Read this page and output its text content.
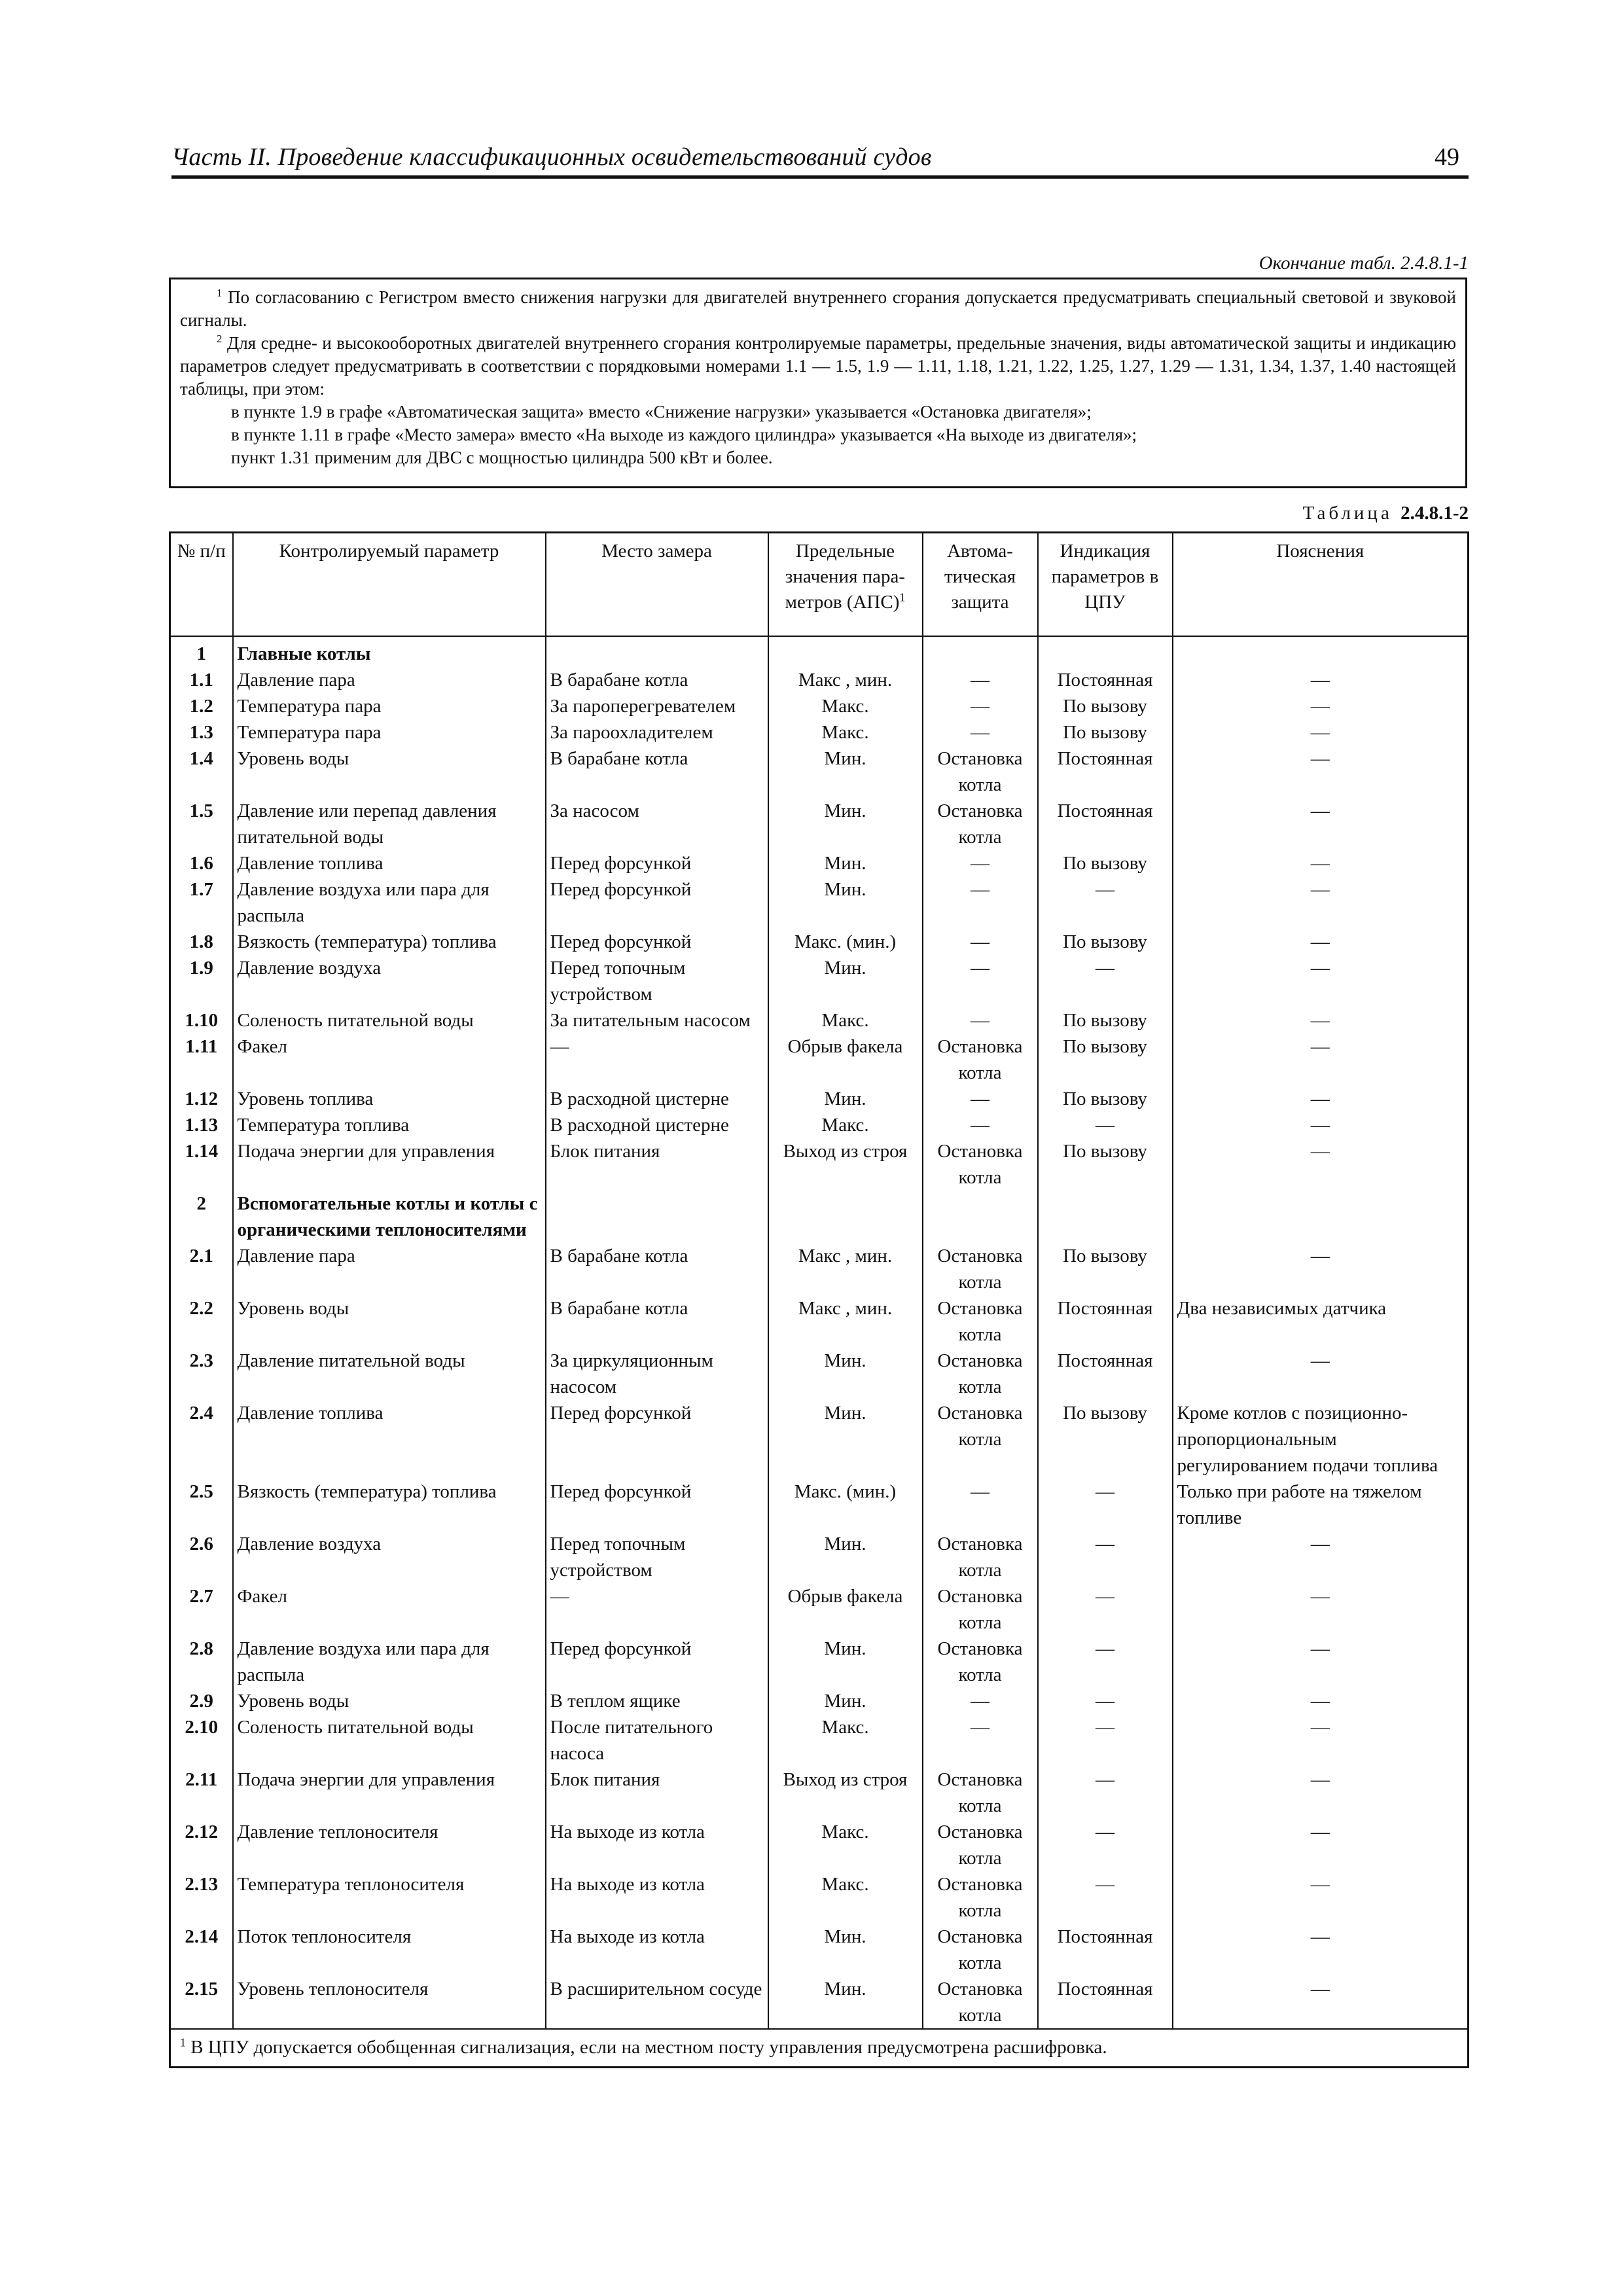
Часть II. Проведение классификационных освидетельствований судов	49
Окончание табл. 2.4.8.1-1

$^1$ По согласованию с Регистром вместо снижения нагрузки для двигателей внутреннего сгорания допускается предусматривать специальный световой и звуковой сигналы.

$^2$ Для средне- и высокооборотных двигателей внутреннего сгорания контролируемые параметры, предельные значения, виды автоматической защиты и индикацию параметров следует предусматривать в соответствии с порядковыми номерами 1.1 — 1.5, 1.9 — 1.11, 1.18, 1.21, 1.22, 1.25, 1.27, 1.29 — 1.31, 1.34, 1.37, 1.40 настоящей таблицы, при этом:

в пункте 1.9 в графе «Автоматическая защита» вместо «Снижение нагрузки» указывается «Остановка двигателя»;

в пункте 1.11 в графе «Место замера» вместо «На выходе из каждого цилиндра» указывается «На выходе из двигателя»;

пункт 1.31 применим для ДВС с мощностью цилиндра 500 кВт и более.

Таблица 2.4.8.1-2
№ п/п	Контролируемый параметр	Место замера	Предельные значения пара-метров (АПС)$^1$	Автома-тическая защита	Индикация параметров в ЦПУ	Пояснения
1	Главные котлы					
1.1	Давление пара	В барабане котла	Макс , мин.	—	Постоянная	—
1.2	Температура пара	За пароперегревателем	Макс.	—	По вызову	—
1.3	Температура пара	За пароохладителем	Макс.	—	По вызову	—
1.4	Уровень воды	В барабане котла	Мин.	Остановка котла	Постоянная	—
1.5	Давление или перепад давления питательной воды	За насосом	Мин.	Остановка котла	Постоянная	—
1.6	Давление топлива	Перед форсункой	Мин.	—	По вызову	—
1.7	Давление воздуха или пара для распыла	Перед форсункой	Мин.	—	—	—
1.8	Вязкость (температура) топлива	Перед форсункой	Макс. (мин.)	—	По вызову	—
1.9	Давление воздуха	Перед топочным устройством	Мин.	—	—	—
1.10	Соленость питательной воды	За питательным насосом	Макс.	—	По вызову	—
1.11	Факел	—	Обрыв факела	Остановка котла	По вызову	—
1.12	Уровень топлива	В расходной цистерне	Мин.	—	По вызову	—
1.13	Температура топлива	В расходной цистерне	Макс.	—	—	—
1.14	Подача энергии для управления	Блок питания	Выход из строя	Остановка котла	По вызову	—
2	Вспомогательные котлы и котлы с органическими теплоносителями					
2.1	Давление пара	В барабане котла	Макс , мин.	Остановка котла	По вызову	—
2.2	Уровень воды	В барабане котла	Макс , мин.	Остановка котла	Постоянная	Два независимых датчика
2.3	Давление питательной воды	За циркуляционным насосом	Мин.	Остановка котла	Постоянная	—
2.4	Давление топлива	Перед форсункой	Мин.	Остановка котла	По вызову	Кроме котлов с позиционно-пропорциональным регулированием подачи топлива
2.5	Вязкость (температура) топлива	Перед форсункой	Макс. (мин.)	—	—	Только при работе на тяжелом топливе
2.6	Давление воздуха	Перед топочным устройством	Мин.	Остановка котла	—	—
2.7	Факел	—	Обрыв факела	Остановка котла	—	—
2.8	Давление воздуха или пара для распыла	Перед форсункой	Мин.	Остановка котла	—	—
2.9	Уровень воды	В теплом ящике	Мин.	—	—	—
2.10	Соленость питательной воды	После питательного насоса	Макс.	—	—	—
2.11	Подача энергии для управления	Блок питания	Выход из строя	Остановка котла	—	—
2.12	Давление теплоносителя	На выходе из котла	Макс.	Остановка котла	—	—
2.13	Температура теплоносителя	На выходе из котла	Макс.	Остановка котла	—	—
2.14	Поток теплоносителя	На выходе из котла	Мин.	Остановка котла	Постоянная	—
2.15	Уровень теплоносителя	В расширительном сосуде	Мин.	Остановка котла	Постоянная	—
$^1$ В ЦПУ допускается обобщенная сигнализация, если на местном посту управления предусмотрена расшифровка.						
